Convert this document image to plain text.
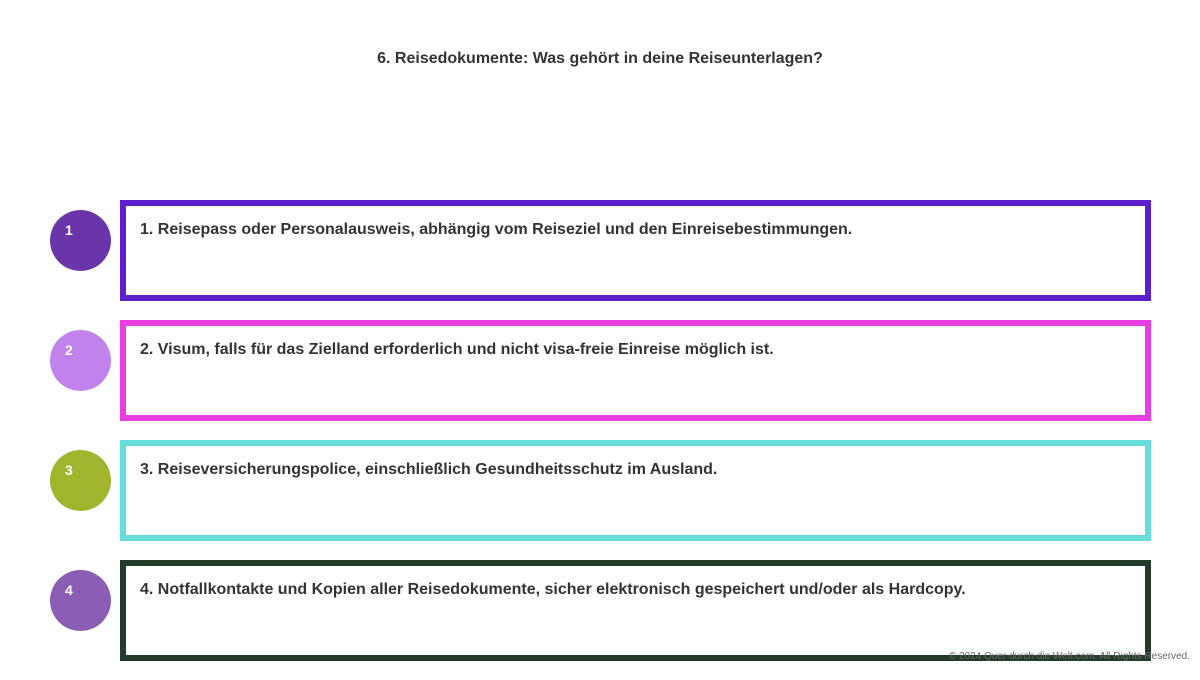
6. Reisedokumente: Was gehört in deine Reiseunterlagen?
1	1. Reisepass oder Personalausweis, abhängig vom Reiseziel und den Einreisebestimmungen.
2	2. Visum, falls für das Zielland erforderlich und nicht visa-freie Einreise möglich ist.
3	3. Reiseversicherungspolice, einschließlich Gesundheitsschutz im Ausland.
4	4. Notfallkontakte und Kopien aller Reisedokumente, sicher elektronisch gespeichert und/oder als Hardcopy.
© 2024 Quer durch die Welt.com. All Rights Reserved.
